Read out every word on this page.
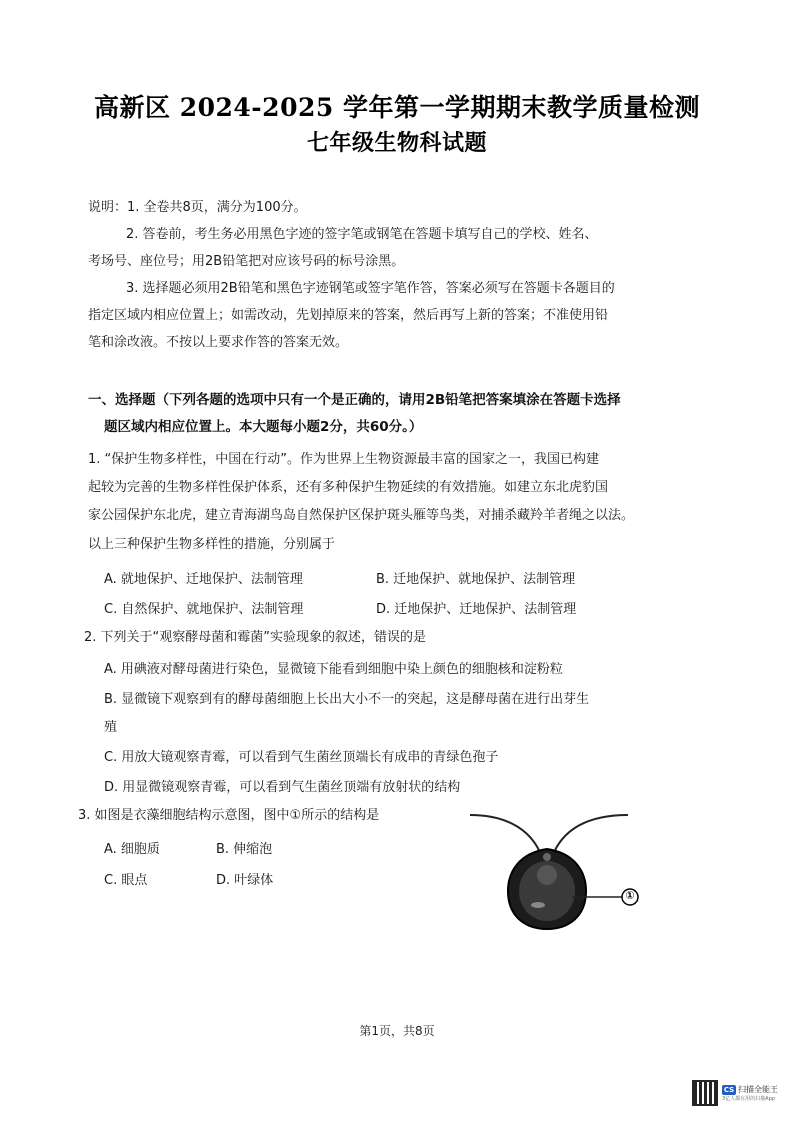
高新区 2024-2025 学年第一学期期末教学质量检测
七年级生物科试题
说明：1. 全卷共8页，满分为100分。
2. 答卷前，考生务必用黑色字迹的签字笔或钢笔在答题卡填写自己的学校、姓名、
考场号、座位号；用2B铅笔把对应该号码的标号涂黑。
3. 选择题必须用2B铅笔和黑色字迹钢笔或签字笔作答，答案必须写在答题卡各题目的
指定区域内相应位置上；如需改动，先划掉原来的答案，然后再写上新的答案；不准使用铅
笔和涂改液。不按以上要求作答的答案无效。
一、选择题（下列各题的选项中只有一个是正确的，请用2B铅笔把答案填涂在答题卡选择
题区域内相应位置上。本大题每小题2分，共60分。）
1. “保护生物多样性，中国在行动”。作为世界上生物资源最丰富的国家之一，我国已构建
起较为完善的生物多样性保护体系，还有多种保护生物延续的有效措施。如建立东北虎豹国
家公园保护东北虎，建立青海湖鸟岛自然保护区保护斑头雁等鸟类，对捕杀藏羚羊者绳之以法。
以上三种保护生物多样性的措施，分别属于
A. 就地保护、迁地保护、法制管理	B. 迁地保护、就地保护、法制管理
C. 自然保护、就地保护、法制管理	D. 迁地保护、迁地保护、法制管理
2. 下列关于“观察酵母菌和霉菌”实验现象的叙述，错误的是
A. 用碘液对酵母菌进行染色，显微镜下能看到细胞中染上颜色的细胞核和淀粉粒
B. 显微镜下观察到有的酵母菌细胞上长出大小不一的突起，这是酵母菌在进行出芽生
殖
C. 用放大镜观察青霉，可以看到气生菌丝顶端长有成串的青绿色孢子
D. 用显微镜观察青霉，可以看到气生菌丝顶端有放射状的结构
3. 如图是衣藻细胞结构示意图，图中①所示的结构是
A. 细胞质	B. 伸缩泡
C. 眼点	D. 叶绿体
①
第1页，共8页
CS 扫描全能王
3亿人都在用的扫描App
